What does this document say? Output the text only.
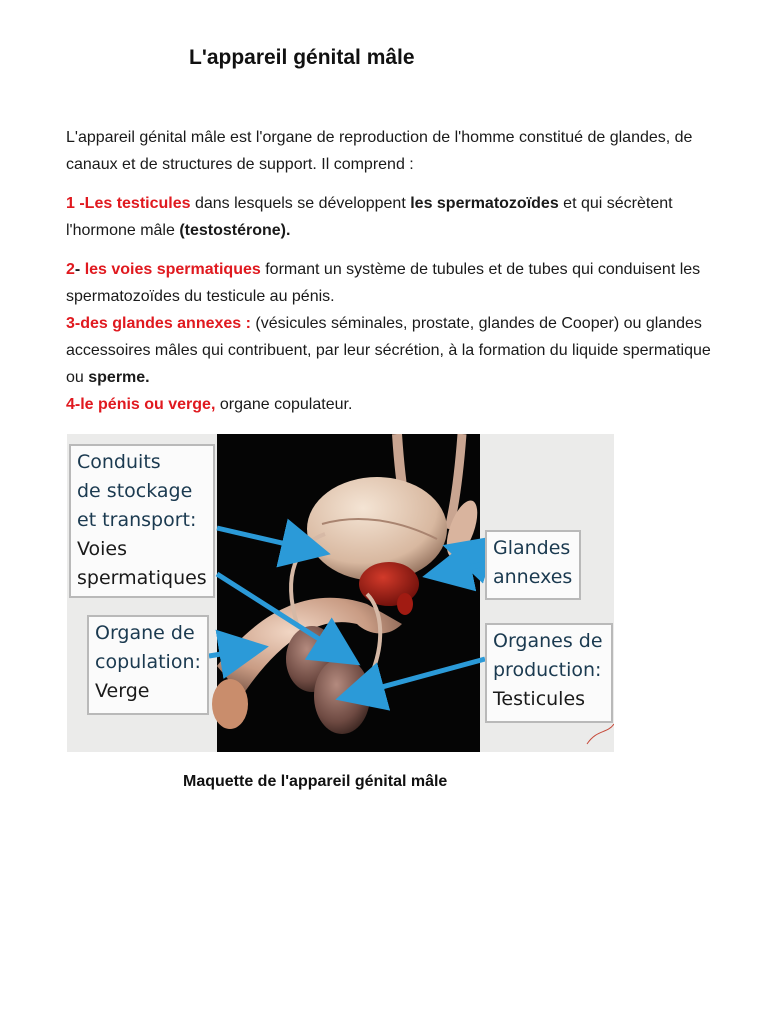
L'appareil génital mâle

L'appareil génital mâle est l'organe de reproduction de l'homme constitué de glandes, de canaux et de structures de support. Il comprend :

1 -Les testicules dans lesquels se développent les spermatozoïdes et qui sécrètent l'hormone mâle (testostérone).

2- les voies spermatiques formant un système de tubules et de tubes qui conduisent les spermatozoïdes du testicule au pénis.
3-des glandes annexes : (vésicules séminales, prostate, glandes de Cooper) ou glandes accessoires mâles qui contribuent, par leur sécrétion, à la formation du liquide spermatique ou sperme.
4-le pénis ou verge, organe copulateur.
Conduits
de stockage
et transport:
Voies
spermatiques
Organe de
copulation:
Verge
Glandes
annexes
Organes de
production:
Testicules

Maquette de l'appareil génital mâle
